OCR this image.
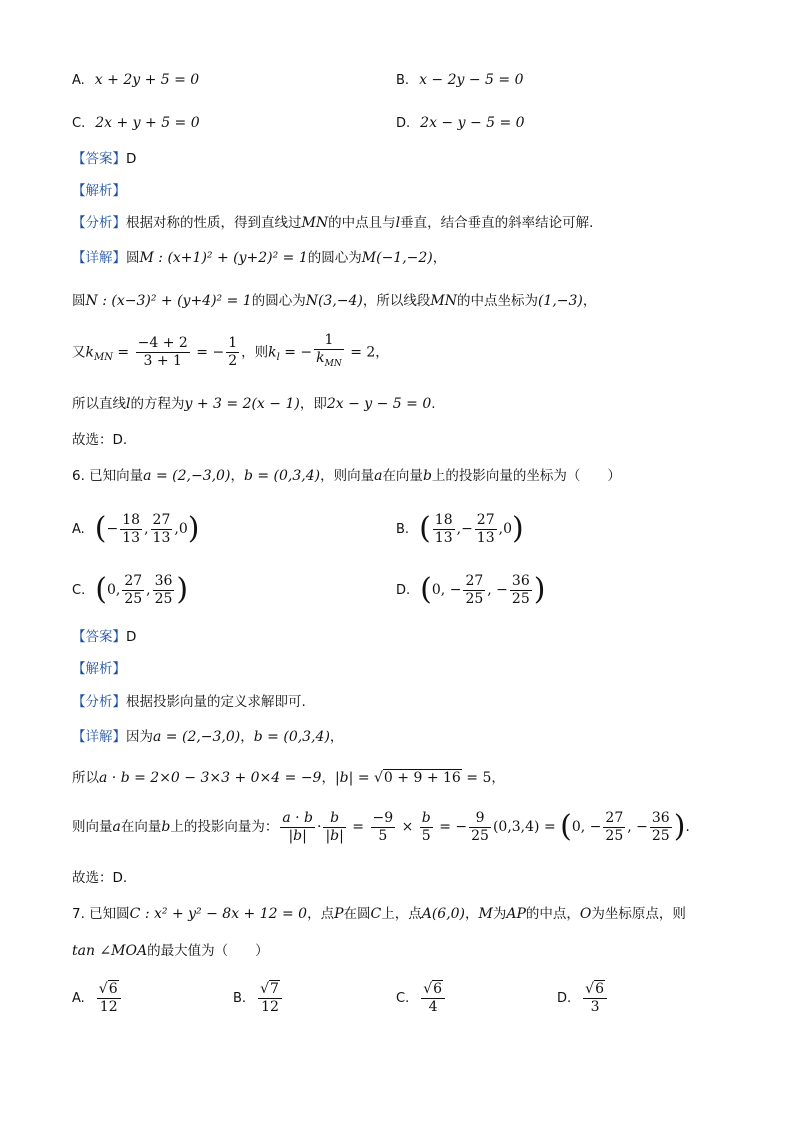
A. x + 2y + 5 = 0	B. x − 2y − 5 = 0
C. 2x + y + 5 = 0	D. 2x − y − 5 = 0
【答案】D
【解析】
【分析】根据对称的性质，得到直线过MN的中点且与l垂直，结合垂直的斜率结论可解.
【详解】圆M : (x+1)² + (y+2)² = 1的圆心为M(−1,−2)，
圆N : (x−3)² + (y+4)² = 1的圆心为N(3,−4)，所以线段MN的中点坐标为(1,−3)，
又$k_{MN} = \frac{-4 + 2}{3 + 1}$ = − $\frac{1}{2}$ ，则$k_l$ = − $\frac{1}{k_{MN}} = 2$，
所以直线l的方程为y + 3 = 2(x − 1)，即2x − y − 5 = 0.
故选：D.
6. 已知向量a = (2,−3,0)，b = (0,3,4)，则向量a在向量b上的投影向量的坐标为（　　）
A. (− $\frac{18}{13}$ , $\frac{27}{13} ,0$)	B. ( $\frac{18}{13}$ ,− $\frac{27}{13} ,0$)
C. (0, $\frac{27}{25}$ , $\frac{36}{25}$ )	D. (0, − $\frac{27}{25}$ , − $\frac{36}{25}$ )
【答案】D
【解析】
【分析】根据投影向量的定义求解即可.
【详解】因为a = (2,−3,0)，b = (0,3,4)，
所以a · b = 2×0 − 3×3 + 0×4 = −9，|b| = √0 + 9 + 16 = 5，
则向量a在向量b上的投影向量为： $\frac{a \cdot b}{|b|} \cdot \frac{b}{|b|} = \frac{-9}{5} \times \frac{b}{5}$ = − $\frac{9}{25} (0,3,4) = (0$, − $\frac{27}{25}$ , − $\frac{36}{25}$ ).
故选：D.
7. 已知圆C : x² + y² − 8x + 12 = 0，点P在圆C上，点A(6,0)，M为AP的中点，O为坐标原点，则
tan ∠MOA的最大值为（　　）
A. $\frac{√6}{12}$	B. $\frac{√7}{12}$	C. $\frac{√6}{4}$	D. $\frac{√6}{3}$
